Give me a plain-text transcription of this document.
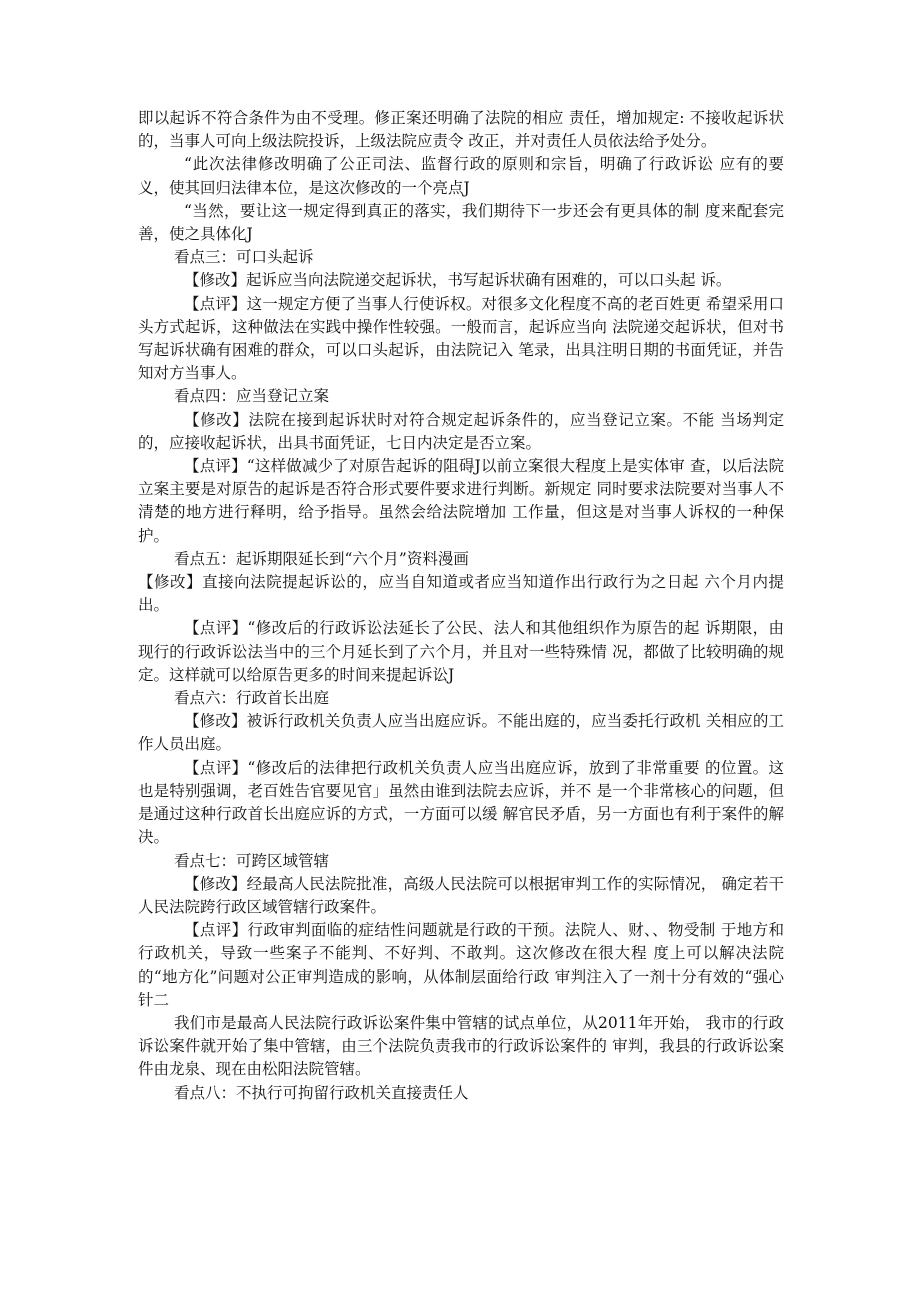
即以起诉不符合条件为由不受理。修正案还明确了法院的相应 责任，增加规定: 不接收起诉状的，当事人可向上级法院投诉，上级法院应责令 改正，并对责任人员依法给予处分。

“此次法律修改明确了公正司法、监督行政的原则和宗旨，明确了行政诉讼 应有的要义，使其回归法律本位，是这次修改的一个亮点J

“当然，要让这一规定得到真正的落实，我们期待下一步还会有更具体的制 度来配套完善，使之具体化J

看点三：可口头起诉

【修改】起诉应当向法院递交起诉状，书写起诉状确有困难的，可以口头起 诉。

【点评】这一规定方便了当事人行使诉权。对很多文化程度不高的老百姓更 希望采用口头方式起诉，这种做法在实践中操作性较强。一般而言，起诉应当向 法院递交起诉状，但对书写起诉状确有困难的群众，可以口头起诉，由法院记入 笔录，出具注明日期的书面凭证，并告知对方当事人。

看点四：应当登记立案

【修改】法院在接到起诉状时对符合规定起诉条件的，应当登记立案。不能 当场判定的，应接收起诉状，出具书面凭证，七日内决定是否立案。

【点评】“这样做减少了对原告起诉的阻碍J以前立案很大程度上是实体审 查，以后法院立案主要是对原告的起诉是否符合形式要件要求进行判断。新规定 同时要求法院要对当事人不清楚的地方进行释明，给予指导。虽然会给法院增加 工作量，但这是对当事人诉权的一种保护。

看点五：起诉期限延长到“六个月”资料漫画

【修改】直接向法院提起诉讼的，应当自知道或者应当知道作出行政行为之日起 六个月内提出。

【点评】“修改后的行政诉讼法延长了公民、法人和其他组织作为原告的起 诉期限，由现行的行政诉讼法当中的三个月延长到了六个月，并且对一些特殊情 况，都做了比较明确的规定。这样就可以给原告更多的时间来提起诉讼J

看点六：行政首长出庭

【修改】被诉行政机关负责人应当出庭应诉。不能出庭的，应当委托行政机 关相应的工作人员出庭。

【点评】“修改后的法律把行政机关负责人应当出庭应诉，放到了非常重要 的位置。这也是特别强调，老百姓告官要见官」虽然由谁到法院去应诉，并不 是一个非常核心的问题，但是通过这种行政首长出庭应诉的方式，一方面可以缓 解官民矛盾，另一方面也有利于案件的解决。

看点七：可跨区域管辖

【修改】经最高人民法院批准，高级人民法院可以根据审判工作的实际情况， 确定若干人民法院跨行政区域管辖行政案件。

【点评】行政审判面临的症结性问题就是行政的干预。法院人、财、、物受制 于地方和行政机关，导致一些案子不能判、不好判、不敢判。这次修改在很大程 度上可以解决法院的“地方化”问题对公正审判造成的影响，从体制层面给行政 审判注入了一剂十分有效的“强心针二

我们市是最高人民法院行政诉讼案件集中管辖的试点单位，从2011年开始， 我市的行政诉讼案件就开始了集中管辖，由三个法院负责我市的行政诉讼案件的 审判，我县的行政诉讼案件由龙泉、现在由松阳法院管辖。

看点八：不执行可拘留行政机关直接责任人
